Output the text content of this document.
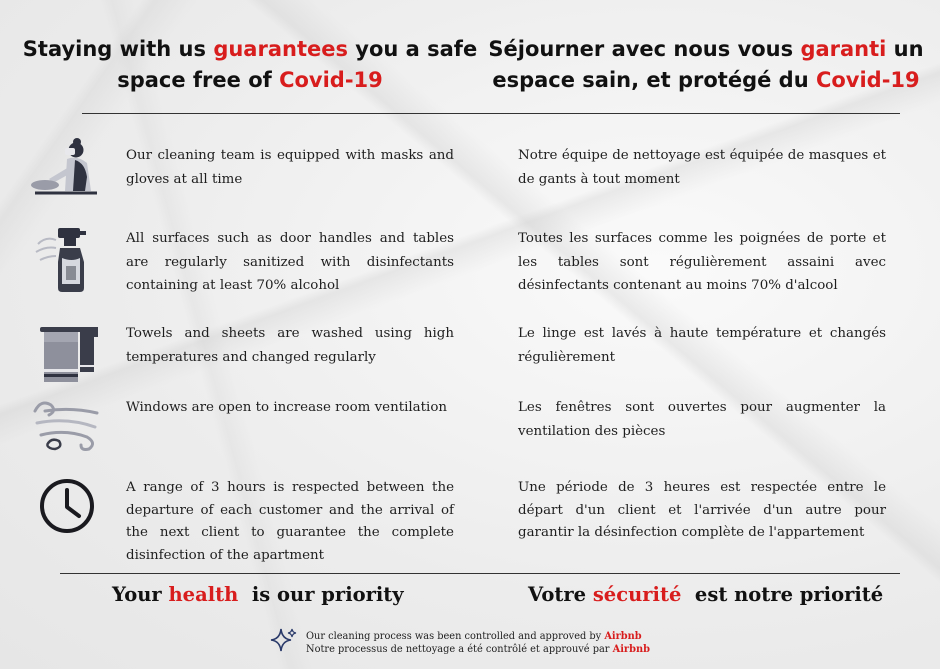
Staying with us guarantees you a safe space free of Covid-19
Séjourner avec nous vous garanti un espace sain, et protégé du Covid-19
Our cleaning team is equipped with masks and gloves at all time
Notre équipe de nettoyage est équipée de masques et de gants à tout moment
All surfaces such as door handles and tables are regularly sanitized with disinfectants containing at least 70% alcohol
Toutes les surfaces comme les poignées de porte et les tables sont régulièrement assaini avec désinfectants contenant au moins 70% d'alcool
Towels and sheets are washed using high temperatures and changed regularly
Le linge est lavés à haute température et changés régulièrement
Windows are open to increase room ventilation	Les fenêtres sont ouvertes pour augmenter la ventilation des pièces
A range of 3 hours is respected between the departure of each customer and the arrival of the next client to guarantee the complete disinfection of the apartment
Une période de 3 heures est respectée entre le départ d'un client et l'arrivée d'un autre pour garantir la désinfection complète de l'appartement
Your health  is our priority	Votre sécurité  est notre priorité
Our cleaning process was been controlled and approved by Airbnb
Notre processus de nettoyage a été contrôlé et approuvé par Airbnb
